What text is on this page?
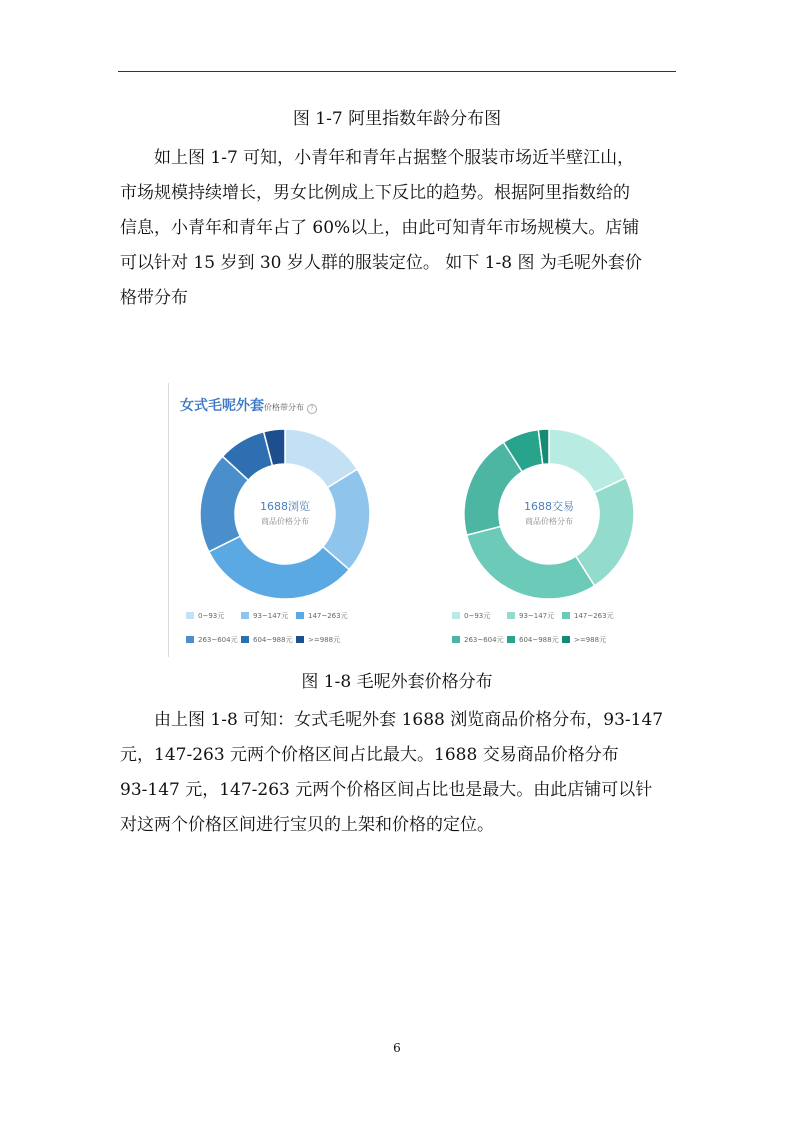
图 1-7 阿里指数年龄分布图
　　如上图 1-7 可知，小青年和青年占据整个服装市场近半壁江山，
市场规模持续增长，男女比例成上下反比的趋势。根据阿里指数给的
信息，小青年和青年占了 60%以上，由此可知青年市场规模大。店铺
可以针对 15 岁到 30 岁人群的服装定位。 如下 1-8 图 为毛呢外套价
格带分布
女式毛呢外套价格带分布 ?
1688浏览
商品价格分布
1688交易
商品价格分布
0~93元	93~147元	147~263元
263~604元 604~988元 >=988元
0~93元	93~147元	147~263元
263~604元 604~988元 >=988元
图 1-8 毛呢外套价格分布
　　由上图 1-8 可知：女式毛呢外套 1688 浏览商品价格分布，93-147
元，147-263 元两个价格区间占比最大。1688 交易商品价格分布
93-147 元，147-263 元两个价格区间占比也是最大。由此店铺可以针
对这两个价格区间进行宝贝的上架和价格的定位。
6
